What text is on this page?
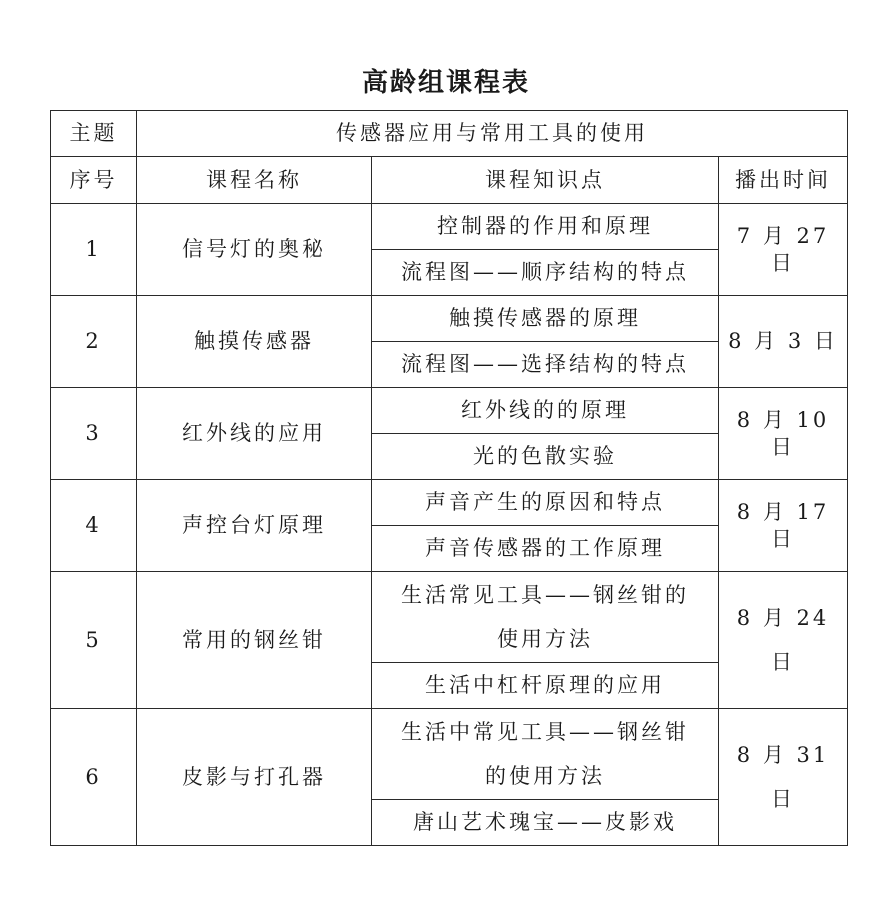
高龄组课程表
主题	传感器应用与常用工具的使用		
序号	课程名称	课程知识点	播出时间
1	信号灯的奥秘	控制器的作用和原理	7 月 27 日
		流程图——顺序结构的特点	
2	触摸传感器	触摸传感器的原理	8 月 3 日
		流程图——选择结构的特点	
3	红外线的应用	红外线的的原理	8 月 10 日
		光的色散实验	
4	声控台灯原理	声音产生的原因和特点	8 月 17 日
		声音传感器的工作原理	
5	常用的钢丝钳	生活常见工具——钢丝钳的使用方法	8 月 24 日
		生活中杠杆原理的应用	
6	皮影与打孔器	生活中常见工具——钢丝钳的使用方法	8 月 31 日
		唐山艺术瑰宝——皮影戏	
